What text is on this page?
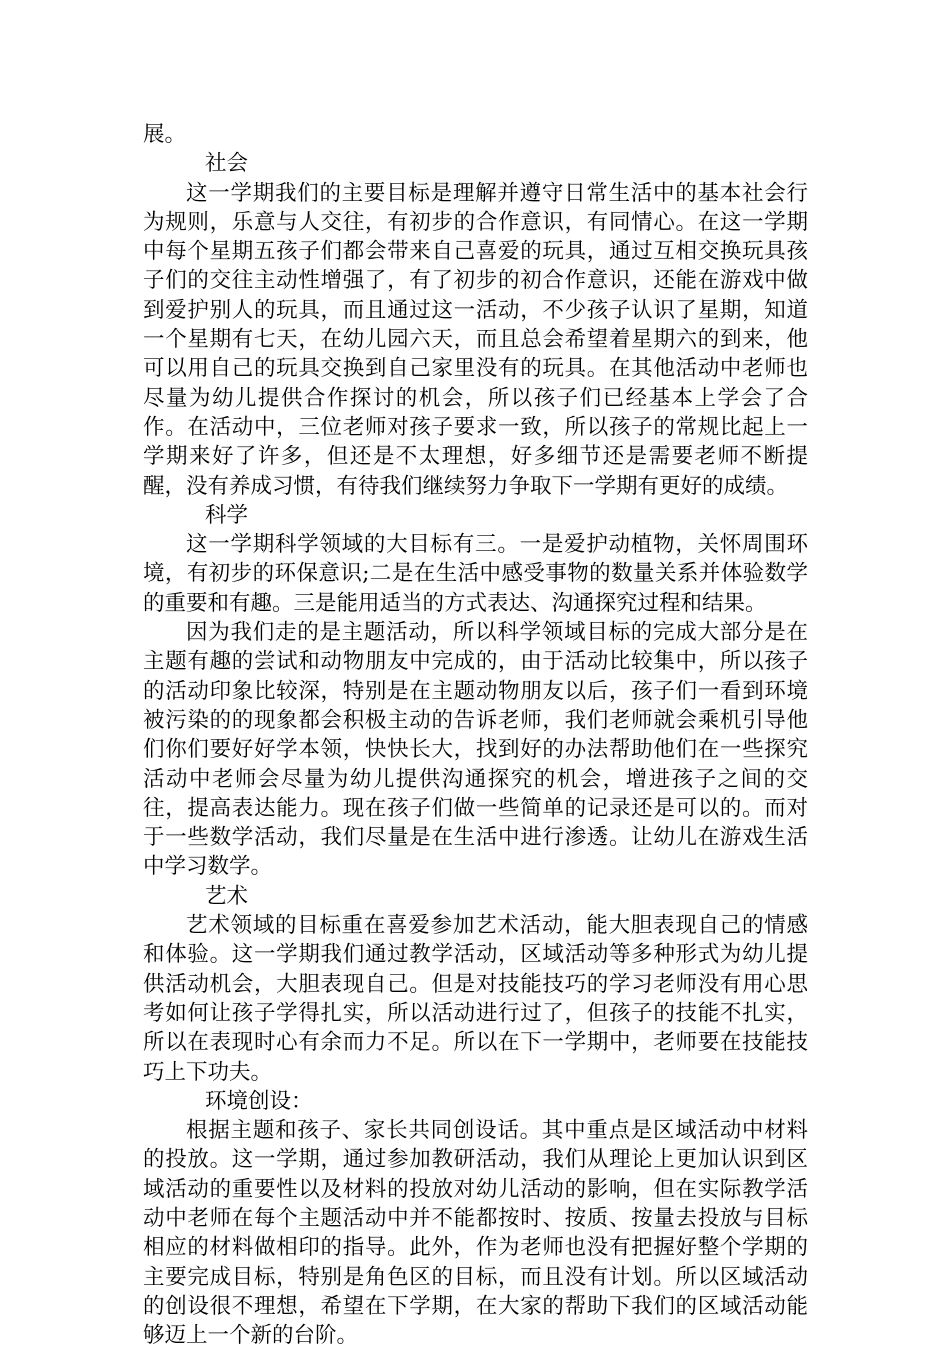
展。

社会

这一学期我们的主要目标是理解并遵守日常生活中的基本社会行为规则，乐意与人交往，有初步的合作意识，有同情心。在这一学期中每个星期五孩子们都会带来自己喜爱的玩具，通过互相交换玩具孩子们的交往主动性增强了，有了初步的初合作意识，还能在游戏中做到爱护别人的玩具，而且通过这一活动，不少孩子认识了星期，知道一个星期有七天，在幼儿园六天，而且总会希望着星期六的到来，他可以用自己的玩具交换到自己家里没有的玩具。在其他活动中老师也尽量为幼儿提供合作探讨的机会，所以孩子们已经基本上学会了合作。在活动中，三位老师对孩子要求一致，所以孩子的常规比起上一学期来好了许多，但还是不太理想，好多细节还是需要老师不断提醒，没有养成习惯，有待我们继续努力争取下一学期有更好的成绩。

科学

这一学期科学领域的大目标有三。一是爱护动植物，关怀周围环境，有初步的环保意识;二是在生活中感受事物的数量关系并体验数学的重要和有趣。三是能用适当的方式表达、沟通探究过程和结果。

因为我们走的是主题活动，所以科学领域目标的完成大部分是在主题有趣的尝试和动物朋友中完成的，由于活动比较集中，所以孩子的活动印象比较深，特别是在主题动物朋友以后，孩子们一看到环境被污染的的现象都会积极主动的告诉老师，我们老师就会乘机引导他们你们要好好学本领，快快长大，找到好的办法帮助他们在一些探究活动中老师会尽量为幼儿提供沟通探究的机会，增进孩子之间的交往，提高表达能力。现在孩子们做一些简单的记录还是可以的。而对于一些数学活动，我们尽量是在生活中进行渗透。让幼儿在游戏生活中学习数学。

艺术

艺术领域的目标重在喜爱参加艺术活动，能大胆表现自己的情感和体验。这一学期我们通过教学活动，区域活动等多种形式为幼儿提供活动机会，大胆表现自己。但是对技能技巧的学习老师没有用心思考如何让孩子学得扎实，所以活动进行过了，但孩子的技能不扎实，所以在表现时心有余而力不足。所以在下一学期中，老师要在技能技巧上下功夫。

环境创设：

根据主题和孩子、家长共同创设话。其中重点是区域活动中材料的投放。这一学期，通过参加教研活动，我们从理论上更加认识到区域活动的重要性以及材料的投放对幼儿活动的影响，但在实际教学活动中老师在每个主题活动中并不能都按时、按质、按量去投放与目标相应的材料做相印的指导。此外，作为老师也没有把握好整个学期的主要完成目标，特别是角色区的目标，而且没有计划。所以区域活动的创设很不理想，希望在下学期，在大家的帮助下我们的区域活动能够迈上一个新的台阶。
